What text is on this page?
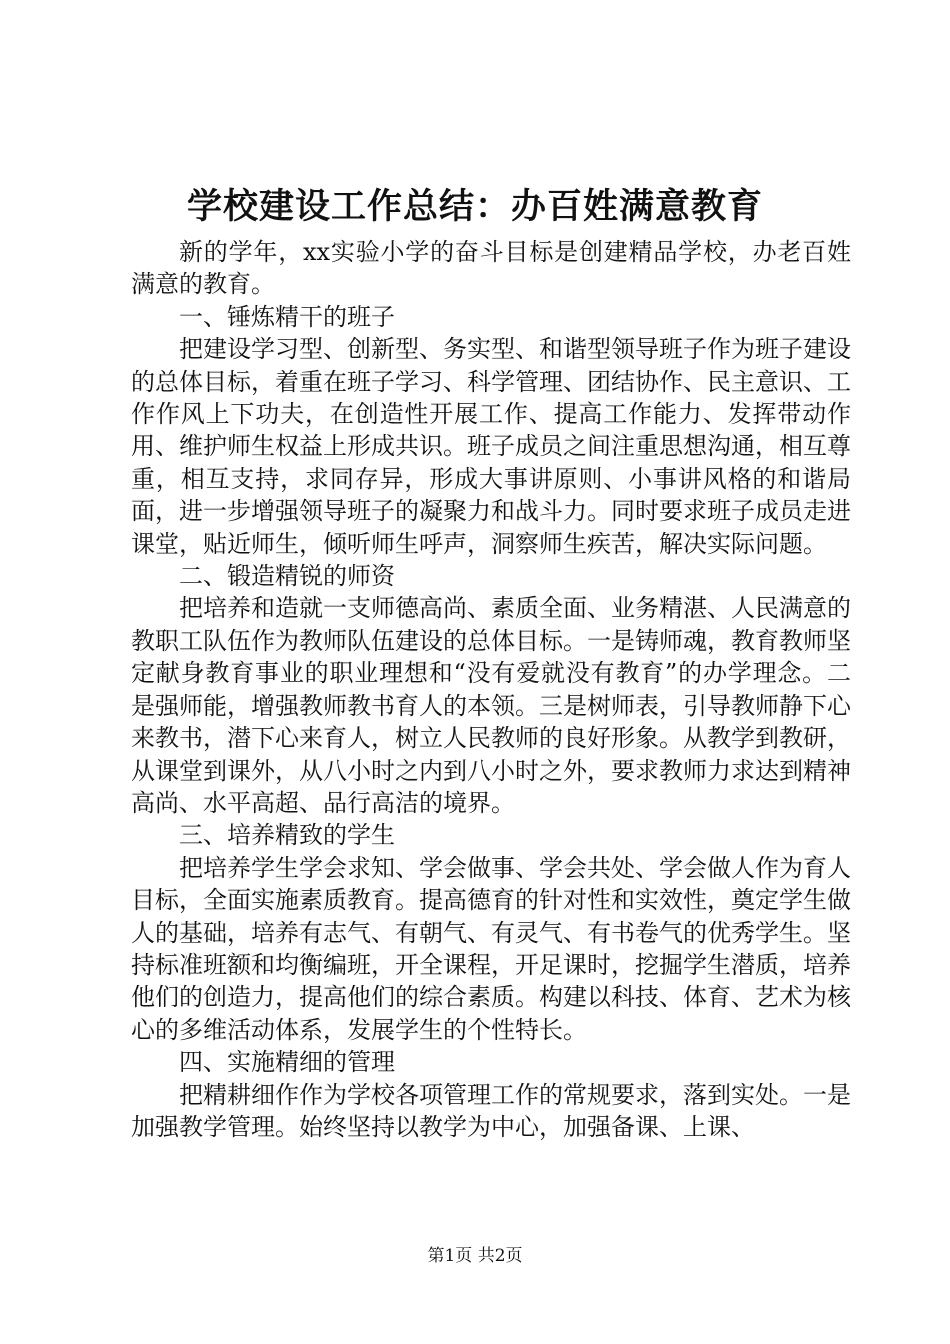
学校建设工作总结：办百姓满意教育

新的学年，xx实验小学的奋斗目标是创建精品学校，办老百姓满意的教育。

一、锤炼精干的班子

把建设学习型、创新型、务实型、和谐型领导班子作为班子建设的总体目标，着重在班子学习、科学管理、团结协作、民主意识、工作作风上下功夫，在创造性开展工作、提高工作能力、发挥带动作用、维护师生权益上形成共识。班子成员之间注重思想沟通，相互尊重，相互支持，求同存异，形成大事讲原则、小事讲风格的和谐局面，进一步增强领导班子的凝聚力和战斗力。同时要求班子成员走进课堂，贴近师生，倾听师生呼声，洞察师生疾苦，解决实际问题。

二、锻造精锐的师资

把培养和造就一支师德高尚、素质全面、业务精湛、人民满意的教职工队伍作为教师队伍建设的总体目标。一是铸师魂，教育教师坚定献身教育事业的职业理想和“没有爱就没有教育”的办学理念。二是强师能，增强教师教书育人的本领。三是树师表，引导教师静下心来教书，潜下心来育人，树立人民教师的良好形象。从教学到教研，从课堂到课外，从八小时之内到八小时之外，要求教师力求达到精神高尚、水平高超、品行高洁的境界。

三、培养精致的学生

把培养学生学会求知、学会做事、学会共处、学会做人作为育人目标，全面实施素质教育。提高德育的针对性和实效性，奠定学生做人的基础，培养有志气、有朝气、有灵气、有书卷气的优秀学生。坚持标准班额和均衡编班，开全课程，开足课时，挖掘学生潜质，培养他们的创造力，提高他们的综合素质。构建以科技、体育、艺术为核心的多维活动体系，发展学生的个性特长。

四、实施精细的管理

把精耕细作作为学校各项管理工作的常规要求，落到实处。一是加强教学管理。始终坚持以教学为中心，加强备课、上课、

第1页 共2页
